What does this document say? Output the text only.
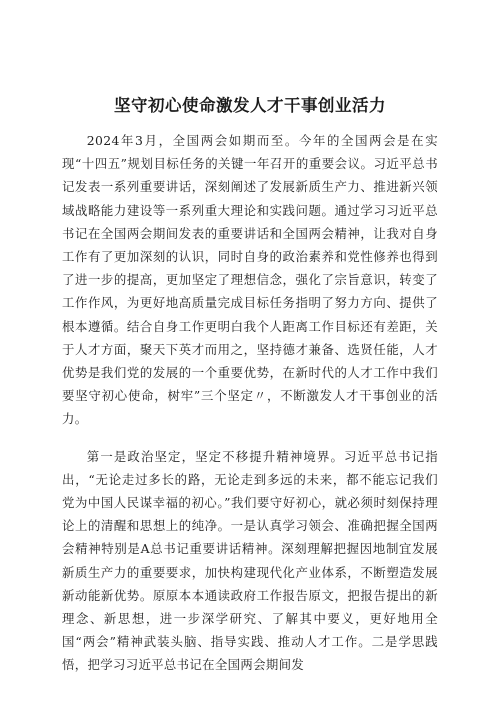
坚守初心使命激发人才干事创业活力

2024年3月，全国两会如期而至。今年的全国两会是在实现“十四五”规划目标任务的关键一年召开的重要会议。习近平总书记发表一系列重要讲话，深刻阐述了发展新质生产力、推进新兴领域战略能力建设等一系列重大理论和实践问题。通过学习习近平总书记在全国两会期间发表的重要讲话和全国两会精神，让我对自身工作有了更加深刻的认识，同时自身的政治素养和党性修养也得到了进一步的提高，更加坚定了理想信念，强化了宗旨意识，转变了工作作风，为更好地高质量完成目标任务指明了努力方向、提供了根本遵循。结合自身工作更明白我个人距离工作目标还有差距，关于人才方面，聚天下英才而用之，坚持德才兼备、选贤任能，人才优势是我们党的发展的一个重要优势，在新时代的人才工作中我们要坚守初心使命，树牢”三个坚定〃，不断激发人才干事创业的活力。

第一是政治坚定，坚定不移提升精神境界。习近平总书记指出，“无论走过多长的路，无论走到多远的未来，都不能忘记我们党为中国人民谋幸福的初心。”我们要守好初心，就必须时刻保持理论上的清醒和思想上的纯净。一是认真学习领会、准确把握全国两会精神特别是A总书记重要讲话精神。深刻理解把握因地制宜发展新质生产力的重要要求，加快构建现代化产业体系，不断塑造发展新动能新优势。原原本本通读政府工作报告原文，把报告提出的新理念、新思想，进一步深学研究、了解其中要义，更好地用全国“两会”精神武装头脑、指导实践、推动人才工作。二是学思践悟，把学习习近平总书记在全国两会期间发
